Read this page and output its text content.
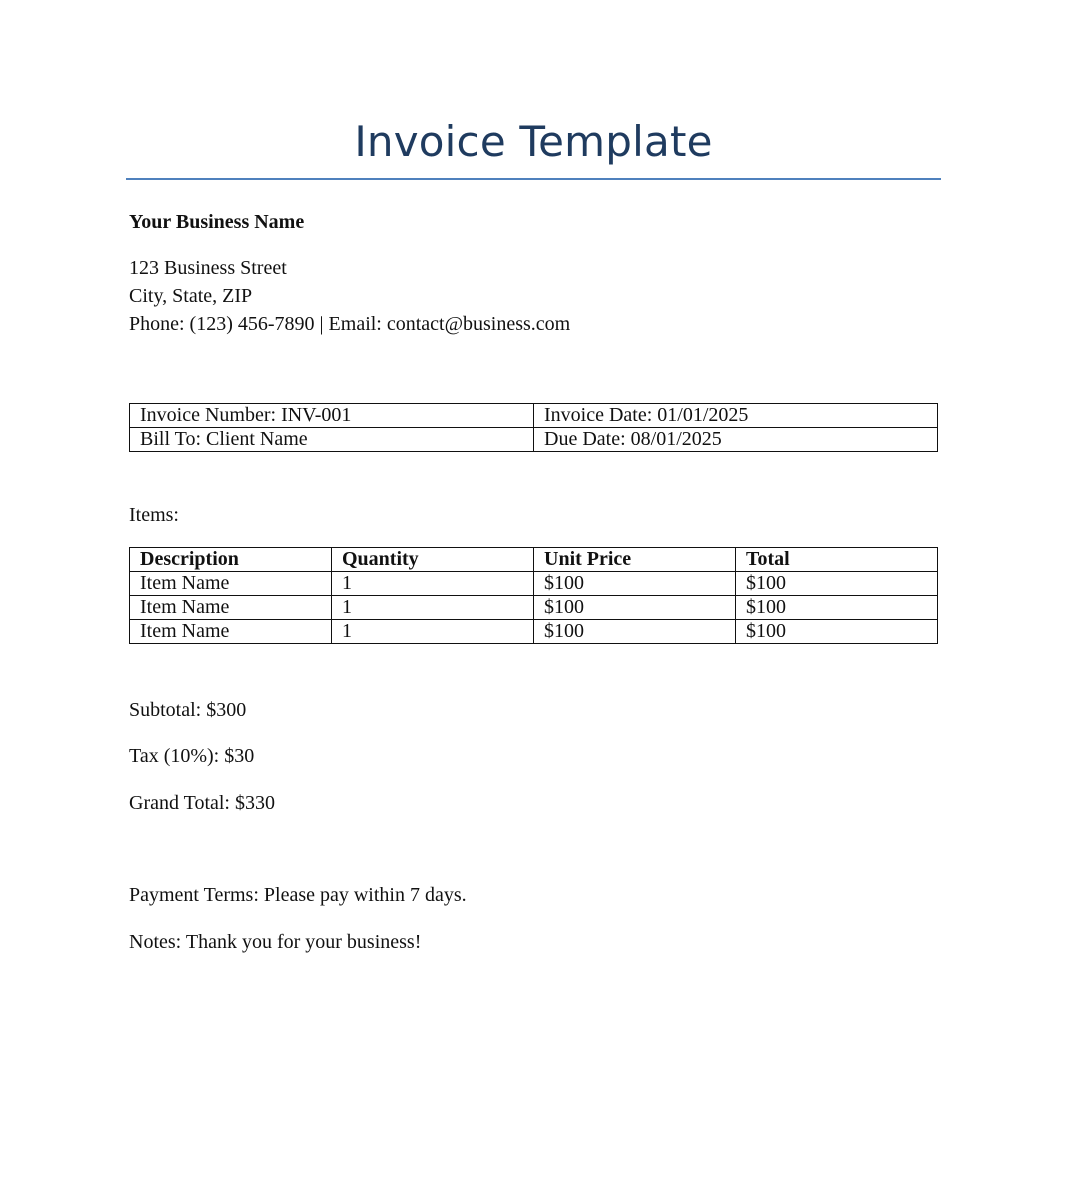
Invoice Template
Your Business Name
123 Business Street
City, State, ZIP
Phone: (123) 456-7890 | Email: contact@business.com
Invoice Number: INV-001	Invoice Date: 01/01/2025
Bill To: Client Name	Due Date: 08/01/2025
Items:
Description	Quantity	Unit Price	Total
Item Name	1	$100	$100
Item Name	1	$100	$100
Item Name	1	$100	$100
Subtotal: $300
Tax (10%): $30
Grand Total: $330
Payment Terms: Please pay within 7 days.
Notes: Thank you for your business!
